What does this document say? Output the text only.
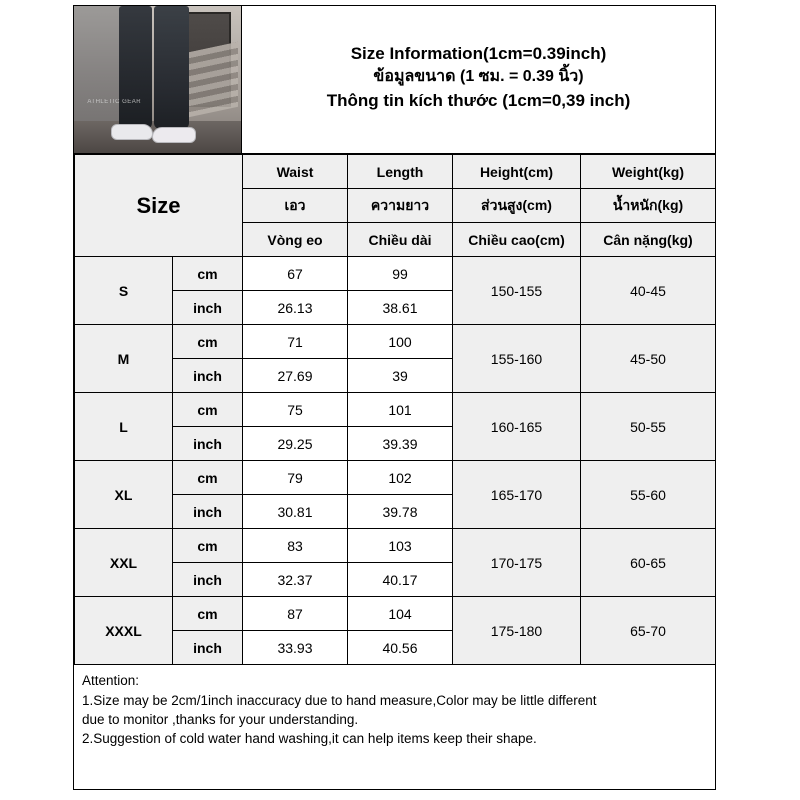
ATHLETIC GEAR
Size Information(1cm=0.39inch)
ข้อมูลขนาด (1 ซม. = 0.39 นิ้ว)
Thông tin kích thước (1cm=0,39 inch)
Size		Waist	Length	Height(cm)	Weight(kg)
		เอว	ความยาว	ส่วนสูง(cm)	น้ำหนัก(kg)
		Vòng eo	Chiều dài	Chiều cao(cm)	Cân nặng(kg)
S	cm	67	99	150-155	40-45
	inch	26.13	38.61		
M	cm	71	100	155-160	45-50
	inch	27.69	39		
L	cm	75	101	160-165	50-55
	inch	29.25	39.39		
XL	cm	79	102	165-170	55-60
	inch	30.81	39.78		
XXL	cm	83	103	170-175	60-65
	inch	32.37	40.17		
XXXL	cm	87	104	175-180	65-70
	inch	33.93	40.56		

Attention:

1.Size may be 2cm/1inch inaccuracy due to hand measure,Color may be little different

due to monitor ,thanks for your understanding.

2.Suggestion of cold water hand washing,it can help items keep their shape.
